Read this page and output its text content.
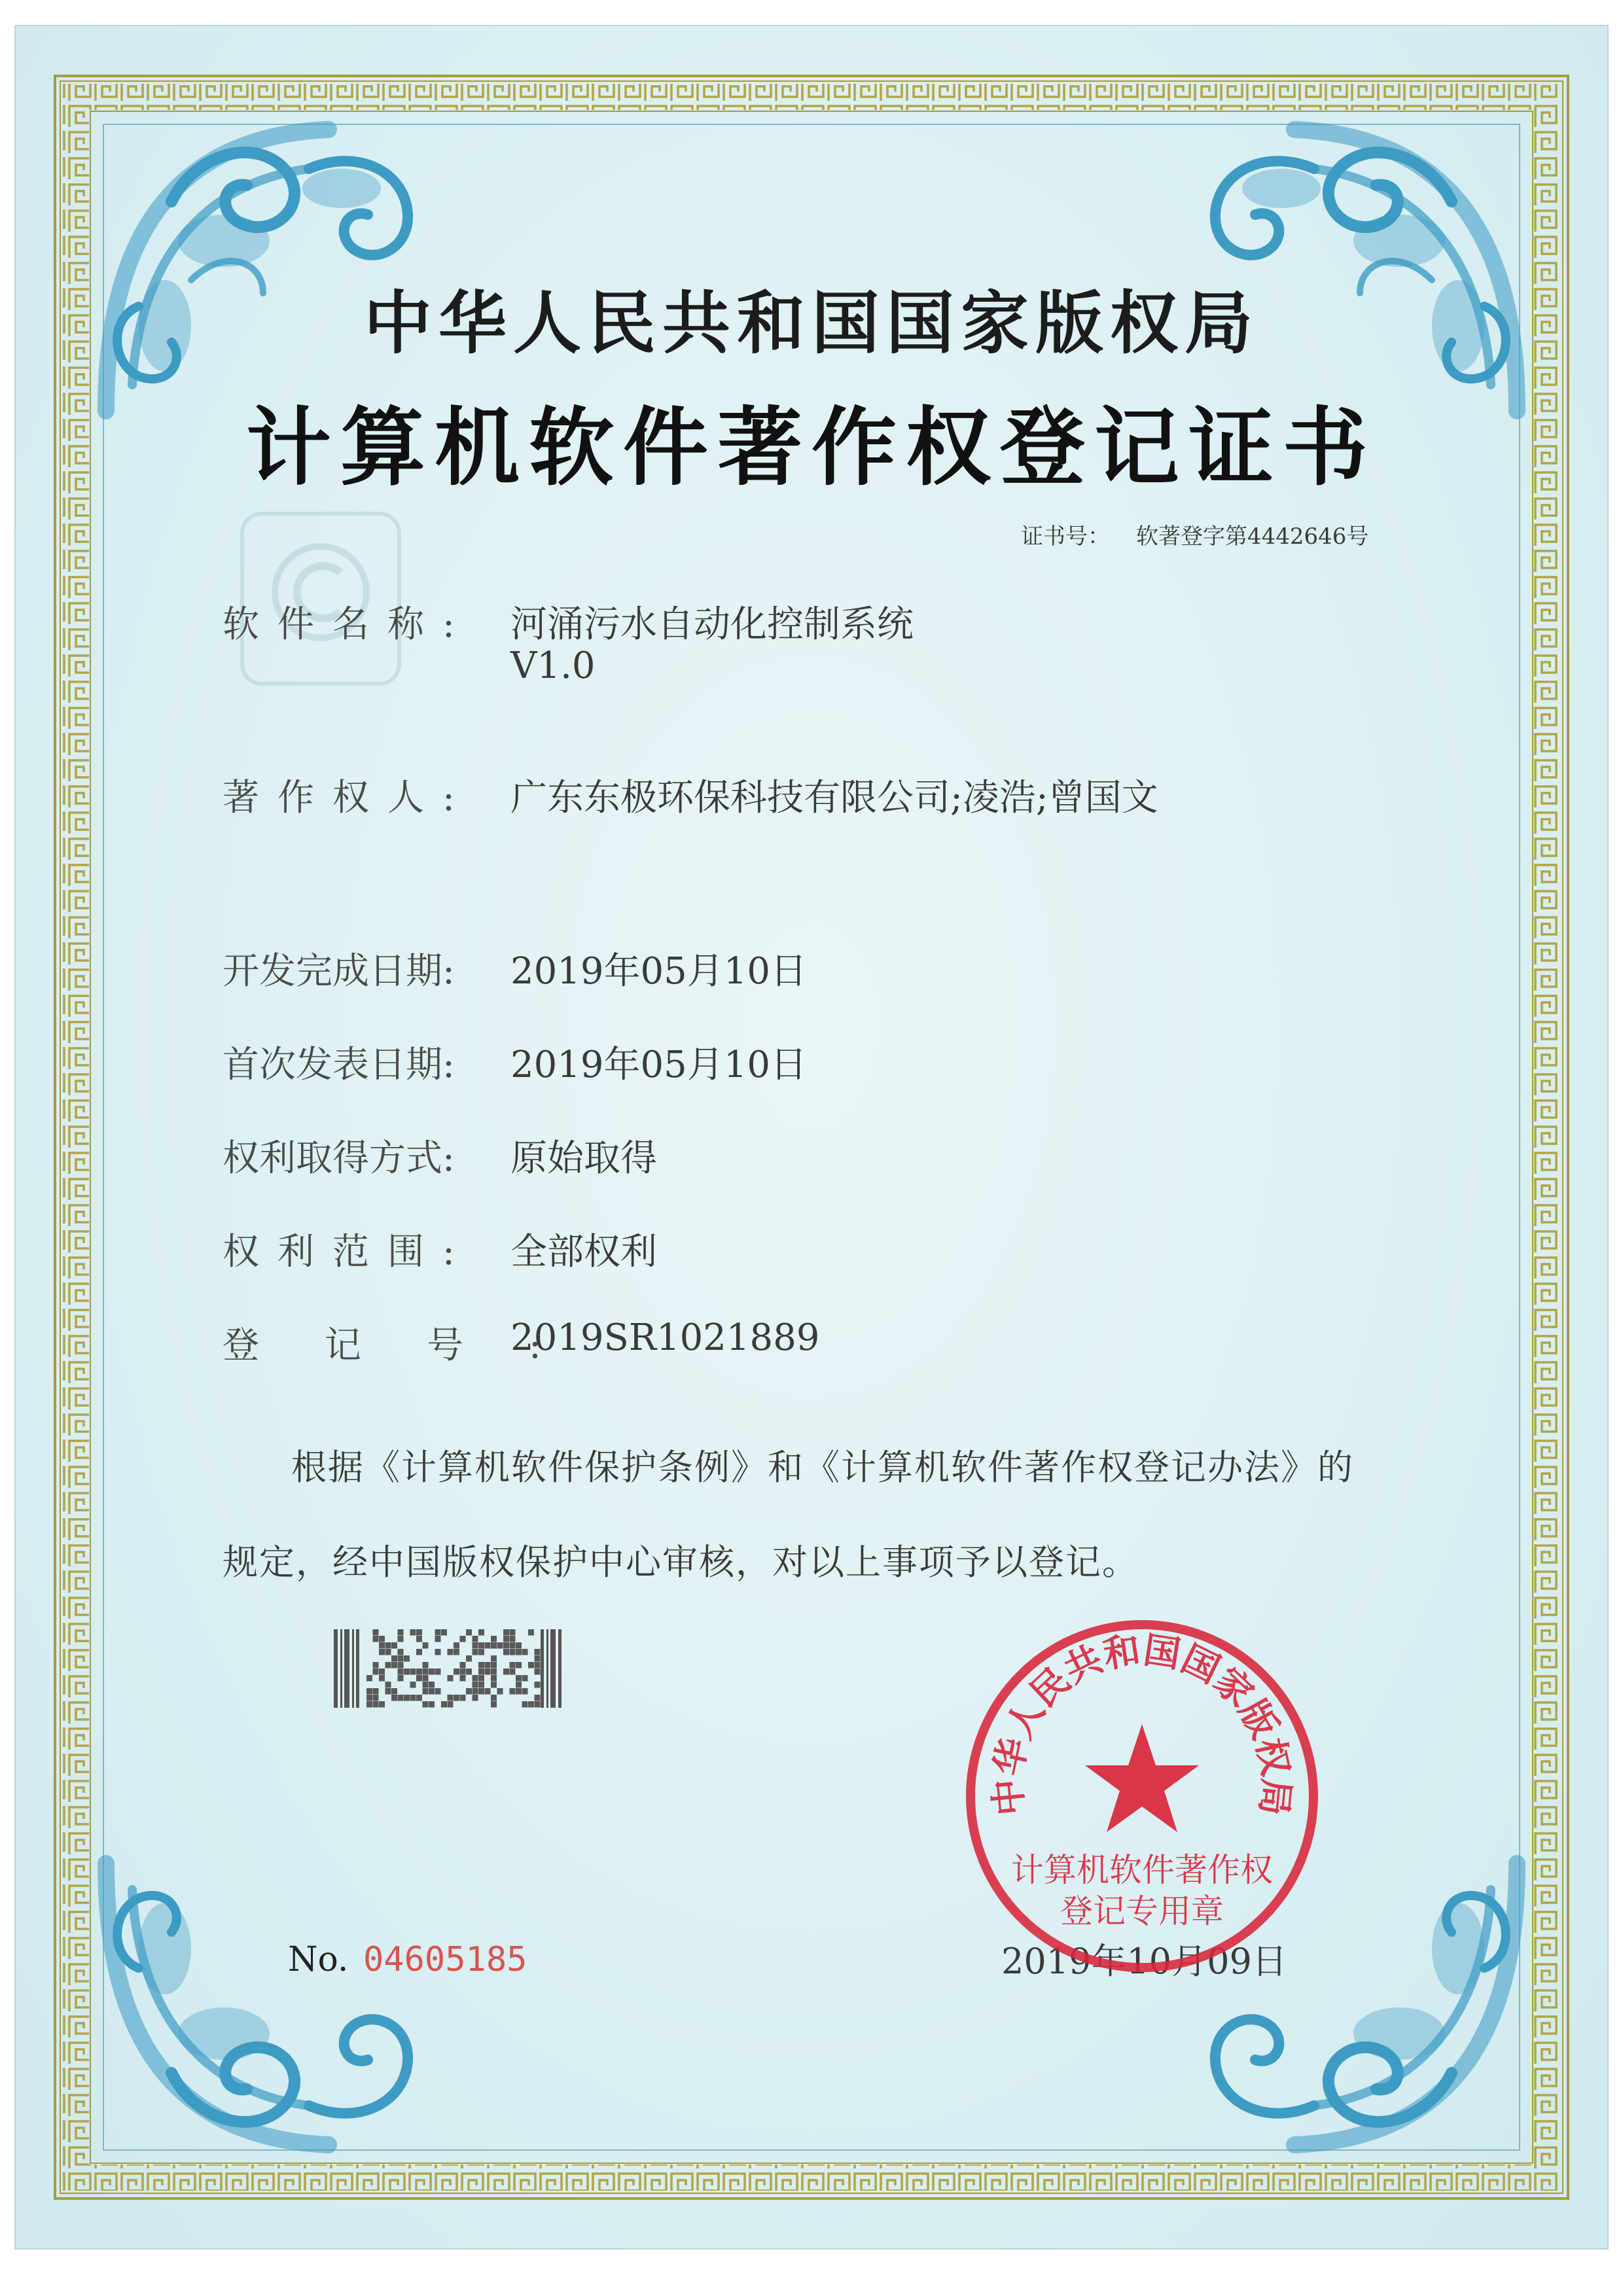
中华人民共和国国家版权局
计算机软件著作权登记证书
证书号： 软著登字第4442646号
软件名称:	河涌污水自动化控制系统
V1.0
著作权人:	广东东极环保科技有限公司;凌浩;曾国文
开发完成日期:	2019年05月10日
首次发表日期:	2019年05月10日
权利取得方式:	原始取得
权利范围:	全部权利
登记号:
2019SR1021889
根据《计算机软件保护条例》和《计算机软件著作权登记办法》的
规定，经中国版权保护中心审核，对以上事项予以登记。
No. 04605185	2019年10月09日
中华人民共和国国家版权局
计算机软件著作权
登记专用章
